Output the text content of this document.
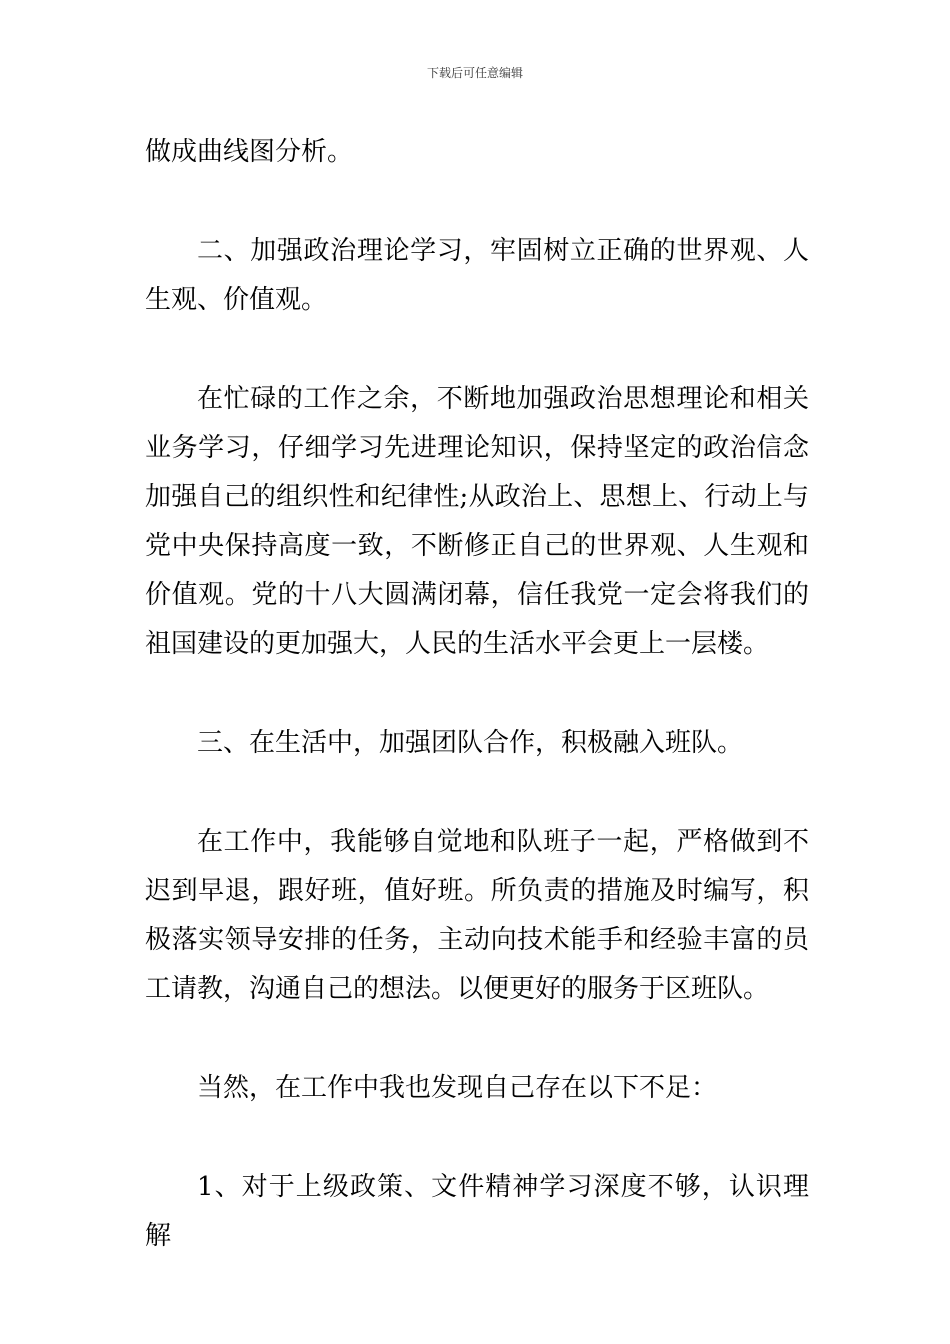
下载后可任意编辑

做成曲线图分析。

二、加强政治理论学习，牢固树立正确的世界观、人生观、价值观。

在忙碌的工作之余，不断地加强政治思想理论和相关业务学习，仔细学习先进理论知识，保持坚定的政治信念加强自己的组织性和纪律性;从政治上、思想上、行动上与党中央保持高度一致，不断修正自己的世界观、人生观和价值观。党的十八大圆满闭幕，信任我党一定会将我们的祖国建设的更加强大，人民的生活水平会更上一层楼。

三、在生活中，加强团队合作，积极融入班队。

在工作中，我能够自觉地和队班子一起，严格做到不迟到早退，跟好班，值好班。所负责的措施及时编写，积极落实领导安排的任务，主动向技术能手和经验丰富的员工请教，沟通自己的想法。以便更好的服务于区班队。

当然，在工作中我也发现自己存在以下不足：

1、对于上级政策、文件精神学习深度不够，认识理解
